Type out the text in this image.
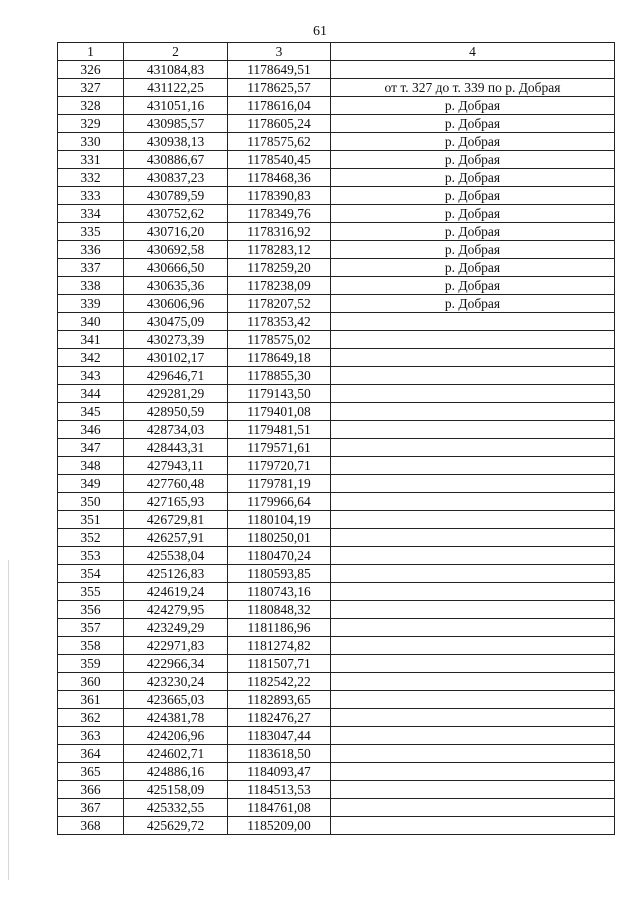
61
1	2	3	4
326	431084,83	1178649,51	
327	431122,25	1178625,57	от т. 327 до т. 339 по р. Добрая
328	431051,16	1178616,04	р. Добрая
329	430985,57	1178605,24	р. Добрая
330	430938,13	1178575,62	р. Добрая
331	430886,67	1178540,45	р. Добрая
332	430837,23	1178468,36	р. Добрая
333	430789,59	1178390,83	р. Добрая
334	430752,62	1178349,76	р. Добрая
335	430716,20	1178316,92	р. Добрая
336	430692,58	1178283,12	р. Добрая
337	430666,50	1178259,20	р. Добрая
338	430635,36	1178238,09	р. Добрая
339	430606,96	1178207,52	р. Добрая
340	430475,09	1178353,42	
341	430273,39	1178575,02	
342	430102,17	1178649,18	
343	429646,71	1178855,30	
344	429281,29	1179143,50	
345	428950,59	1179401,08	
346	428734,03	1179481,51	
347	428443,31	1179571,61	
348	427943,11	1179720,71	
349	427760,48	1179781,19	
350	427165,93	1179966,64	
351	426729,81	1180104,19	
352	426257,91	1180250,01	
353	425538,04	1180470,24	
354	425126,83	1180593,85	
355	424619,24	1180743,16	
356	424279,95	1180848,32	
357	423249,29	1181186,96	
358	422971,83	1181274,82	
359	422966,34	1181507,71	
360	423230,24	1182542,22	
361	423665,03	1182893,65	
362	424381,78	1182476,27	
363	424206,96	1183047,44	
364	424602,71	1183618,50	
365	424886,16	1184093,47	
366	425158,09	1184513,53	
367	425332,55	1184761,08	
368	425629,72	1185209,00	
